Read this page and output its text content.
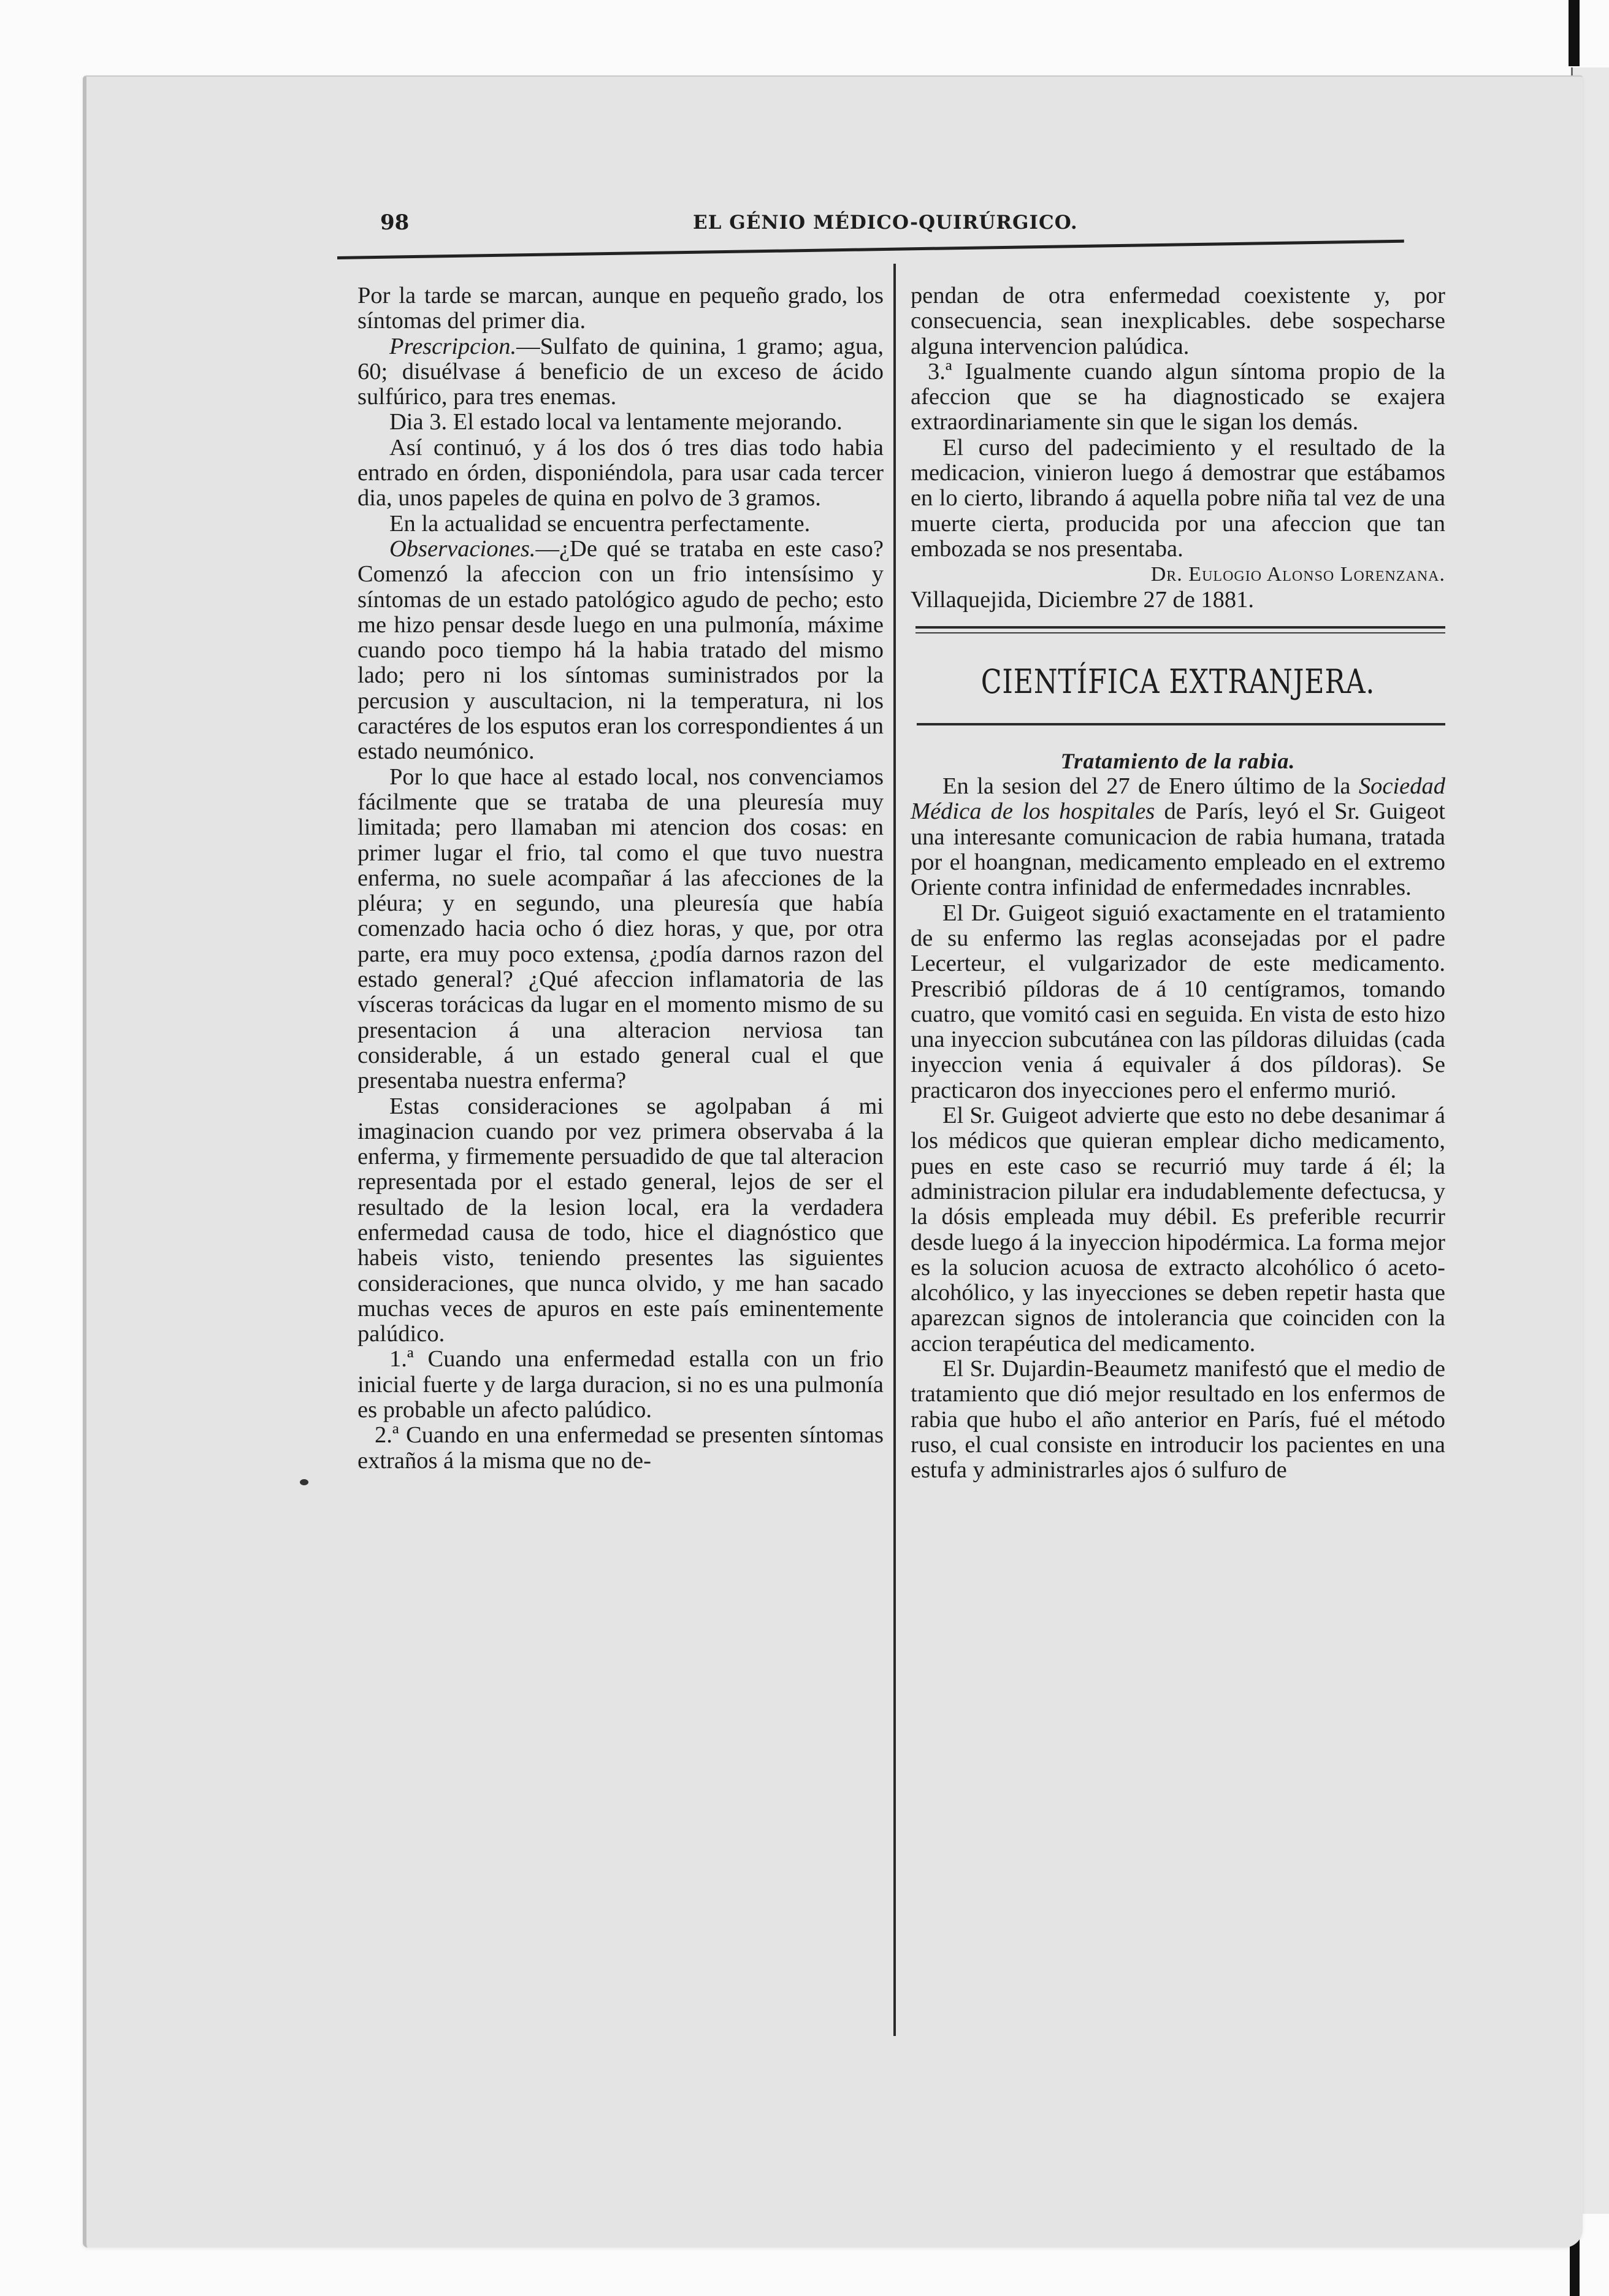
98	EL GÉNIO MÉDICO-QUIRÚRGICO.

Por la tarde se marcan, aunque en pequeño grado, los síntomas del primer dia.

Prescripcion.—Sulfato de quinina, 1 gramo; agua, 60; disuélvase á beneficio de un exceso de ácido sulfúrico, para tres enemas.

Dia 3. El estado local va lentamente mejorando.

Así continuó, y á los dos ó tres dias todo habia entrado en órden, disponiéndola, para usar cada tercer dia, unos papeles de quina en polvo de 3 gramos.

En la actualidad se encuentra perfectamente.

Observaciones.—¿De qué se trataba en este caso? Comenzó la afeccion con un frio intensísimo y síntomas de un estado patológico agudo de pecho; esto me hizo pensar desde luego en una pulmonía, máxime cuando poco tiempo há la habia tratado del mismo lado; pero ni los síntomas suministrados por la percusion y auscultacion, ni la temperatura, ni los caractéres de los esputos eran los correspondientes á un estado neumónico.

Por lo que hace al estado local, nos convenciamos fácilmente que se trataba de una pleuresía muy limitada; pero llamaban mi atencion dos cosas: en primer lugar el frio, tal como el que tuvo nuestra enferma, no suele acompañar á las afecciones de la pléura; y en segundo, una pleuresía que había comenzado hacia ocho ó diez horas, y que, por otra parte, era muy poco extensa, ¿podía darnos razon del estado general? ¿Qué afeccion inflamatoria de las vísceras torácicas da lugar en el momento mismo de su presentacion á una alteracion nerviosa tan considerable, á un estado general cual el que presentaba nuestra enferma?

Estas consideraciones se agolpaban á mi imaginacion cuando por vez primera observaba á la enferma, y firmemente persuadido de que tal alteracion representada por el estado general, lejos de ser el resultado de la lesion local, era la verdadera enfermedad causa de todo, hice el diagnóstico que habeis visto, teniendo presentes las siguientes consideraciones, que nunca olvido, y me han sacado muchas veces de apuros en este país eminentemente palúdico.

1.ª Cuando una enfermedad estalla con un frio inicial fuerte y de larga duracion, si no es una pulmonía es probable un afecto palúdico.

2.ª Cuando en una enfermedad se presenten síntomas extraños á la misma que no de-

pendan de otra enfermedad coexistente y, por consecuencia, sean inexplicables. debe sospecharse alguna intervencion palúdica.

3.ª Igualmente cuando algun síntoma propio de la afeccion que se ha diagnosticado se exajera extraordinariamente sin que le sigan los demás.

El curso del padecimiento y el resultado de la medicacion, vinieron luego á demostrar que estábamos en lo cierto, librando á aquella pobre niña tal vez de una muerte cierta, producida por una afeccion que tan embozada se nos presentaba.

Dr. Eulogio Alonso Lorenzana.

Villaquejida, Diciembre 27 de 1881.

CIENTÍFICA EXTRANJERA.

Tratamiento de la rabia.

En la sesion del 27 de Enero último de la Sociedad Médica de los hospitales de París, leyó el Sr. Guigeot una interesante comunicacion de rabia humana, tratada por el hoangnan, medicamento empleado en el extremo Oriente contra infinidad de enfermedades incnrables.

El Dr. Guigeot siguió exactamente en el tratamiento de su enfermo las reglas aconsejadas por el padre Lecerteur, el vulgarizador de este medicamento. Prescribió píldoras de á 10 centígramos, tomando cuatro, que vomitó casi en seguida. En vista de esto hizo una inyeccion subcutánea con las píldoras diluidas (cada inyeccion venia á equivaler á dos píldoras). Se practicaron dos inyecciones pero el enfermo murió.

El Sr. Guigeot advierte que esto no debe desanimar á los médicos que quieran emplear dicho medicamento, pues en este caso se recurrió muy tarde á él; la administracion pilular era indudablemente defectucsa, y la dósis empleada muy débil. Es preferible recurrir desde luego á la inyeccion hipodérmica. La forma mejor es la solucion acuosa de extracto alcohólico ó aceto-alcohólico, y las inyecciones se deben repetir hasta que aparezcan signos de intolerancia que coinciden con la accion terapéutica del medicamento.

El Sr. Dujardin-Beaumetz manifestó que el medio de tratamiento que dió mejor resultado en los enfermos de rabia que hubo el año anterior en París, fué el método ruso, el cual consiste en introducir los pacientes en una estufa y administrarles ajos ó sulfuro de
